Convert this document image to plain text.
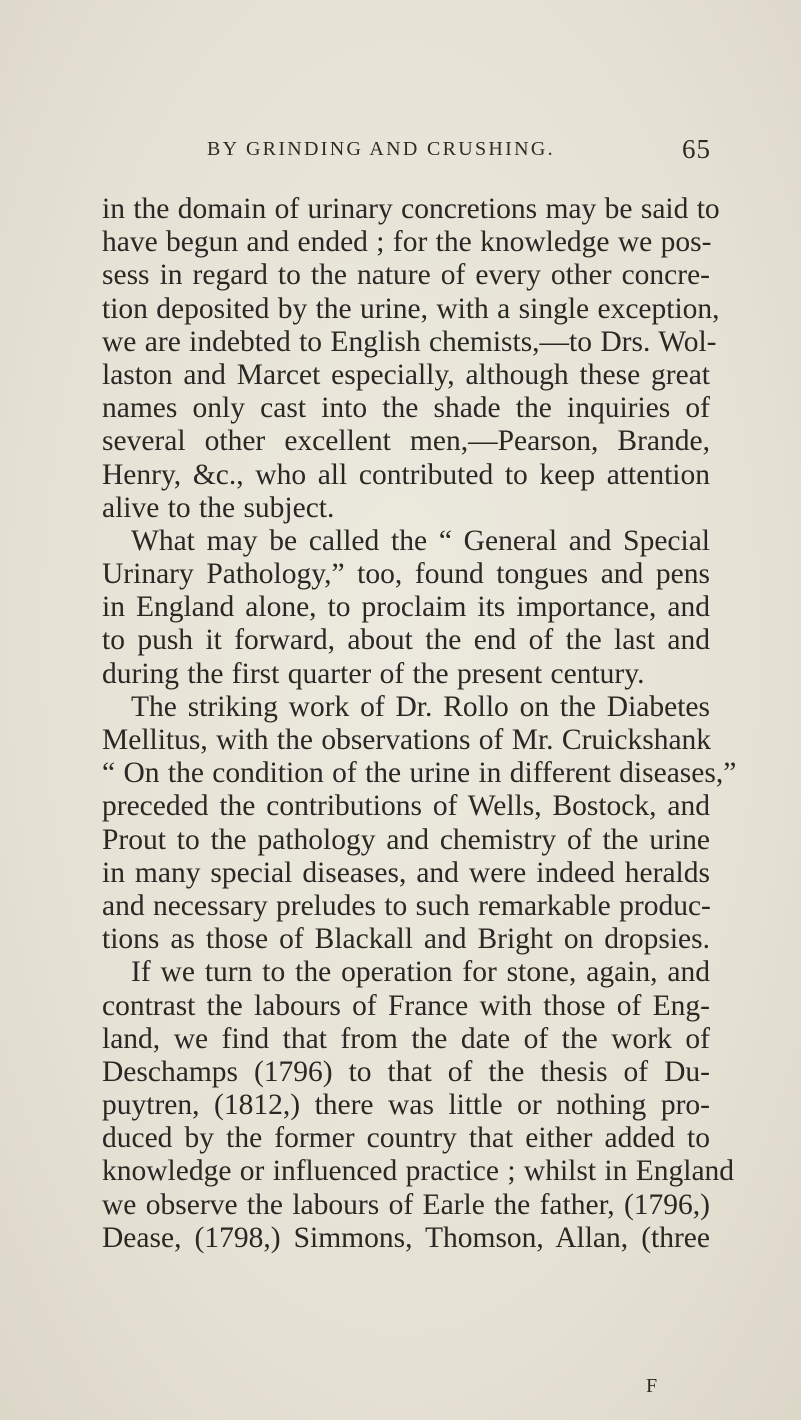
BY GRINDING AND CRUSHING.	65
in the domain of urinary concretions may be said to
have begun and ended ; for the knowledge we pos-
sess in regard to the nature of every other concre-
tion deposited by the urine, with a single exception,
we are indebted to English chemists,—to Drs. Wol-
laston and Marcet especially, although these great
names only cast into the shade the inquiries of
several other excellent men,—Pearson, Brande,
Henry, &c., who all contributed to keep attention
alive to the subject.
What may be called the “ General and Special
Urinary Pathology,” too, found tongues and pens
in England alone, to proclaim its importance, and
to push it forward, about the end of the last and
during the first quarter of the present century.
The striking work of Dr. Rollo on the Diabetes
Mellitus, with the observations of Mr. Cruickshank
“ On the condition of the urine in different diseases,”
preceded the contributions of Wells, Bostock, and
Prout to the pathology and chemistry of the urine
in many special diseases, and were indeed heralds
and necessary preludes to such remarkable produc-
tions as those of Blackall and Bright on dropsies.
If we turn to the operation for stone, again, and
contrast the labours of France with those of Eng-
land, we find that from the date of the work of
Deschamps (1796) to that of the thesis of Du-
puytren, (1812,) there was little or nothing pro-
duced by the former country that either added to
knowledge or influenced practice ; whilst in England
we observe the labours of Earle the father, (1796,)
Dease, (1798,) Simmons, Thomson, Allan, (three
F
